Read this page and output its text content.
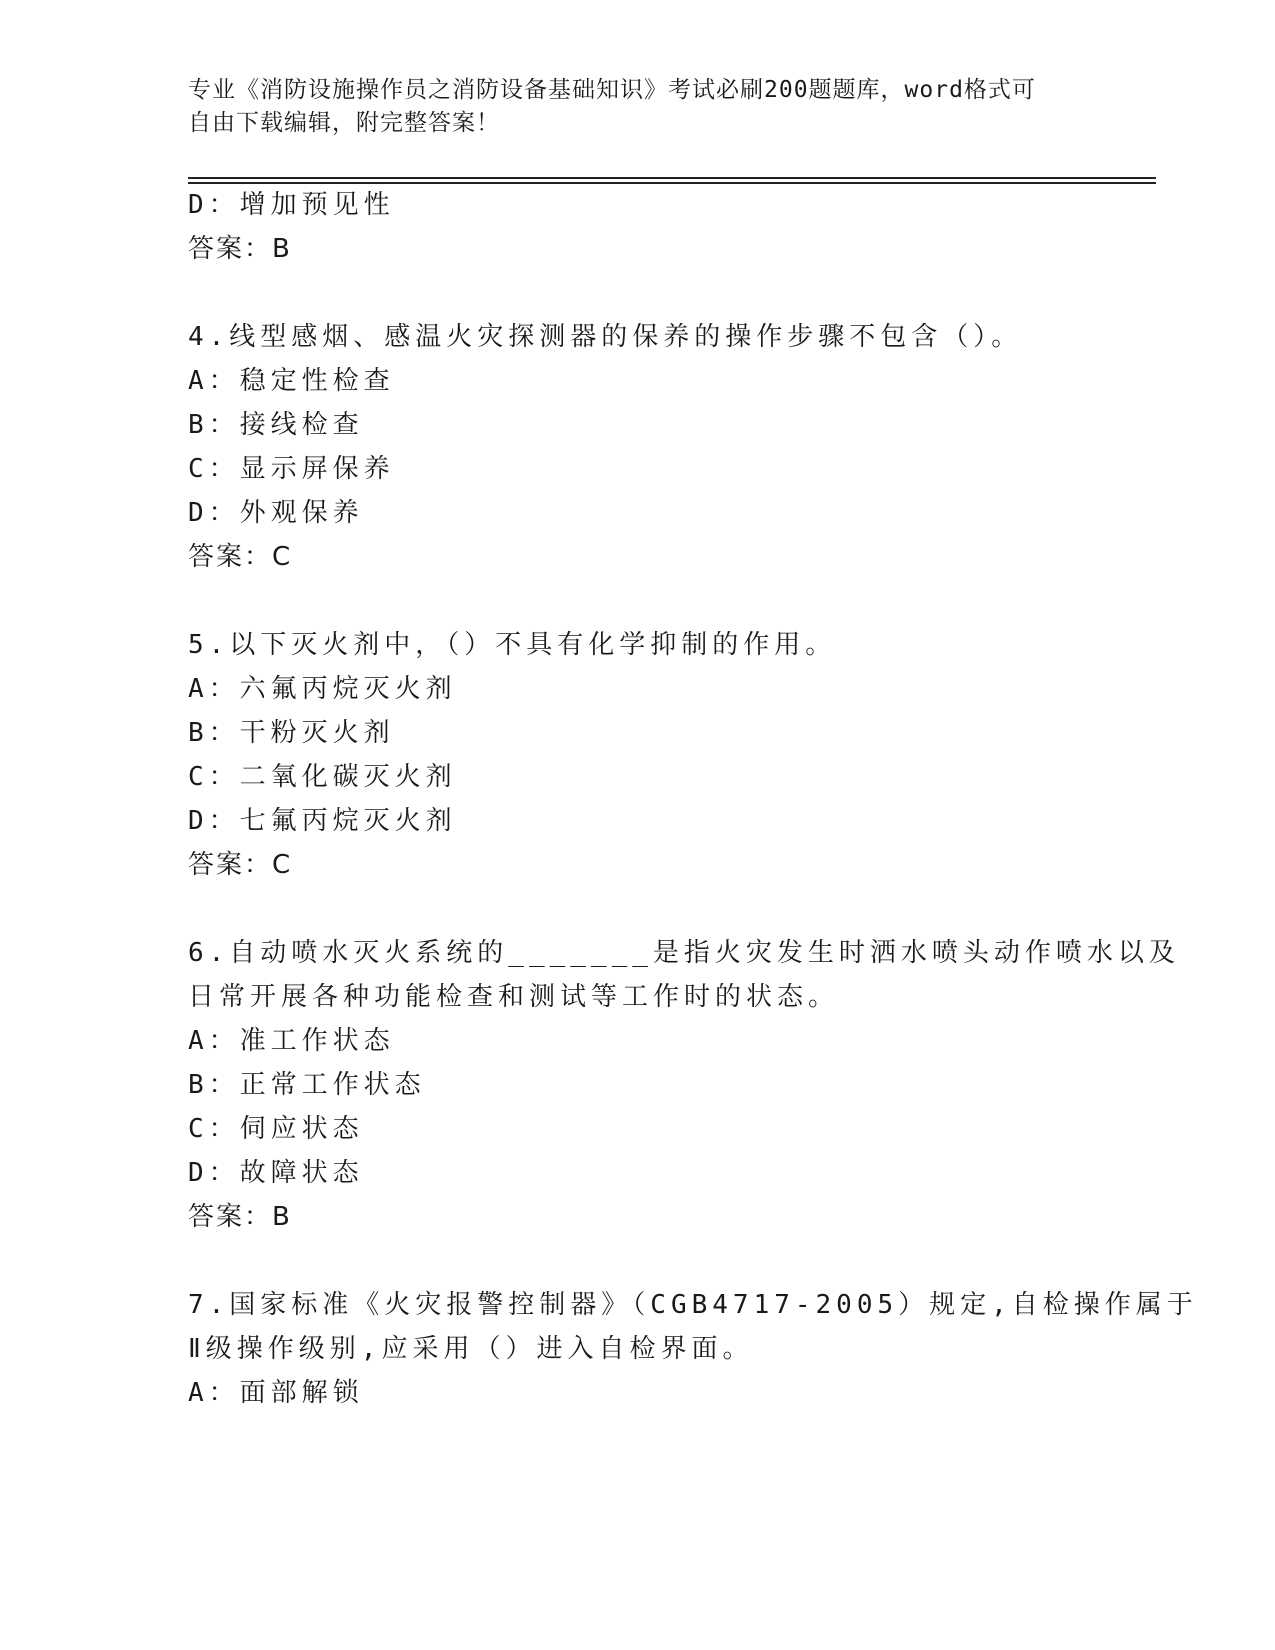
专业《消防设施操作员之消防设备基础知识》考试必刷200题题库，word格式可
自由下载编辑，附完整答案！
D：增加预见性
答案：B
4.线型感烟、感温火灾探测器的保养的操作步骤不包含（）。
A：稳定性检查
B：接线检查
C：显示屏保养
D：外观保养
答案：C
5.以下灭火剂中，（）不具有化学抑制的作用。
A：六氟丙烷灭火剂
B：干粉灭火剂
C：二氧化碳灭火剂
D：七氟丙烷灭火剂
答案：C
6.自动喷水灭火系统的_______是指火灾发生时洒水喷头动作喷水以及
日常开展各种功能检查和测试等工作时的状态。
A：准工作状态
B：正常工作状态
C：伺应状态
D：故障状态
答案：B
7.国家标准《火灾报警控制器》（CGB4717-2005）规定,自检操作属于
Ⅱ级操作级别,应采用（）进入自检界面。
A：面部解锁
